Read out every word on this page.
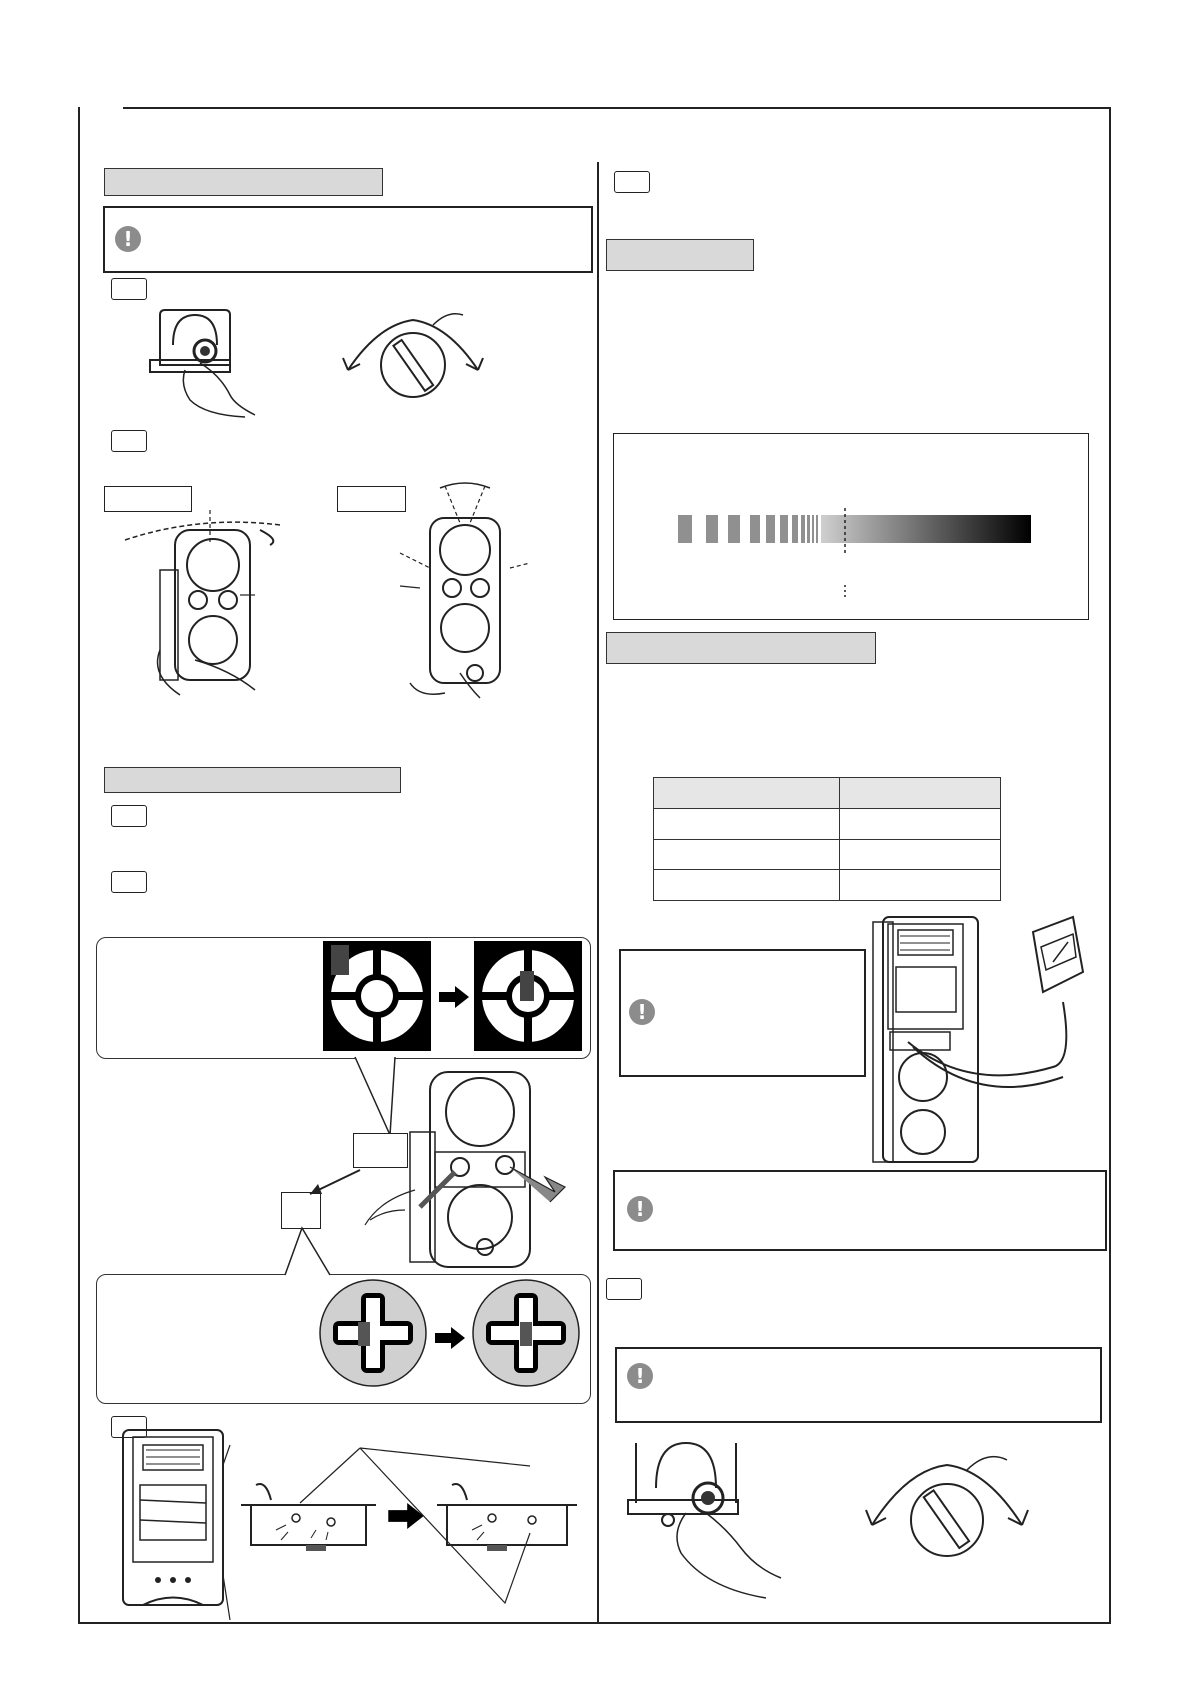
!

!
!
!
